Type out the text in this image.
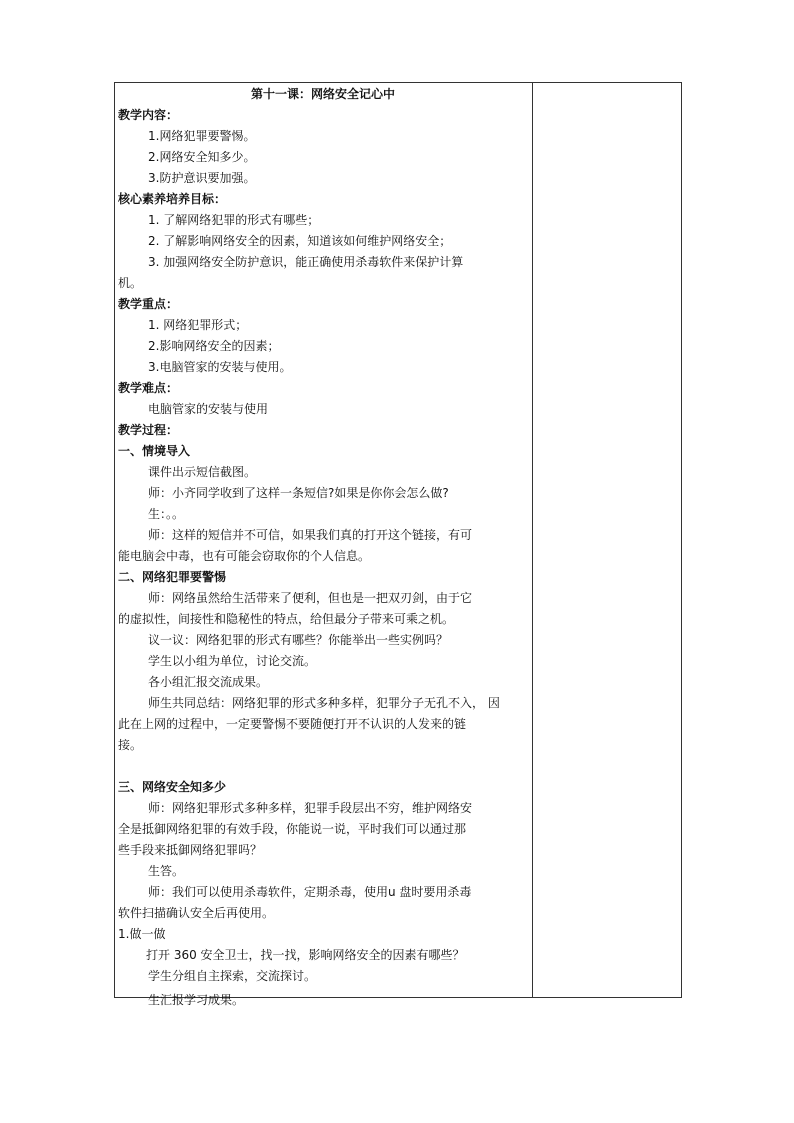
第十一课：网络安全记心中
教学内容：
1.网络犯罪要警惕。
2.网络安全知多少。
3.防护意识要加强。
核心素养培养目标：
1. 了解网络犯罪的形式有哪些；
2. 了解影响网络安全的因素，知道该如何维护网络安全；
3. 加强网络安全防护意识，能正确使用杀毒软件来保护计算
机。
教学重点：
1. 网络犯罪形式；
2.影响网络安全的因素；
3.电脑管家的安装与使用。
教学难点：
电脑管家的安装与使用
教学过程：
一、情境导入
课件出示短信截图。
师：小齐同学收到了这样一条短信?如果是你你会怎么做?
生：。。
师：这样的短信并不可信，如果我们真的打开这个链接，有可
能电脑会中毒，也有可能会窃取你的个人信息。
二、网络犯罪要警惕
师：网络虽然给生活带来了便利，但也是一把双刃剑，由于它
的虚拟性，间接性和隐秘性的特点，给但最分子带来可乘之机。
议一议：网络犯罪的形式有哪些？你能举出一些实例吗？
学生以小组为单位，讨论交流。
各小组汇报交流成果。
师生共同总结：网络犯罪的形式多种多样，犯罪分子无孔不入， 因
此在上网的过程中，一定要警惕不要随便打开不认识的人发来的链
接。
三、网络安全知多少
师：网络犯罪形式多种多样，犯罪手段层出不穷，维护网络安
全是抵御网络犯罪的有效手段，你能说一说，平时我们可以通过那
些手段来抵御网络犯罪吗？
生答。
师：我们可以使用杀毒软件，定期杀毒，使用u 盘时要用杀毒
软件扫描确认安全后再使用。
1.做一做
打开 360 安全卫士，找一找，影响网络安全的因素有哪些？
学生分组自主探索，交流探讨。
生汇报学习成果。
